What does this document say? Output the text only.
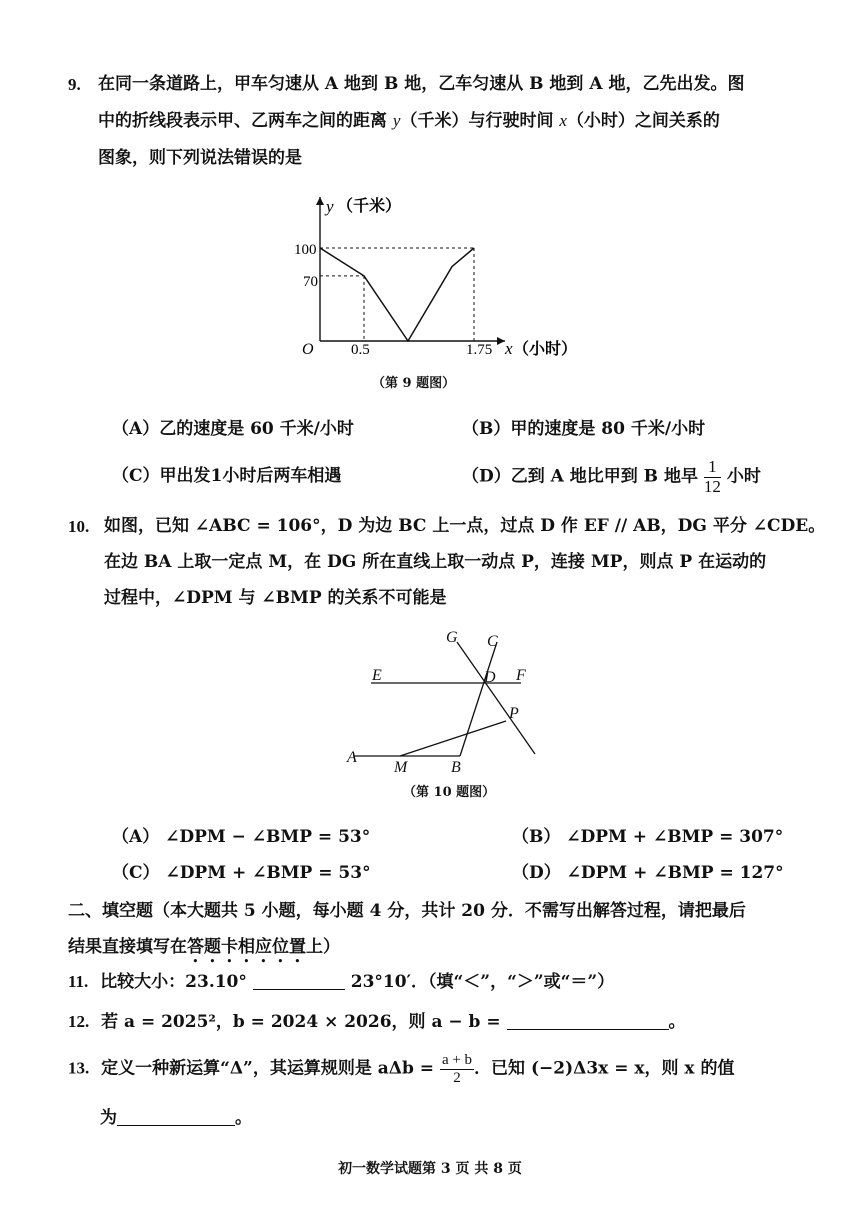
9. 在同一条道路上，甲车匀速从 A 地到 B 地，乙车匀速从 B 地到 A 地，乙先出发。图
中的折线段表示甲、乙两车之间的距离 y（千米）与行驶时间 x（小时）之间关系的
图象，则下列说法错误的是
y （千米）
x （小时）
O
100
70
0.5	1.75
（第 9 题图）
（A）乙的速度是 60 千米/小时	（B）甲的速度是 80 千米/小时
（C）甲出发1小时后两车相遇	（D）乙到 A 地比甲到 B 地早 $\frac{1}{12}$ 小时
10. 如图，已知 ∠ABC = 106°，D 为边 BC 上一点，过点 D 作 EF // AB，DG 平分 ∠CDE。
在边 BA 上取一定点 M，在 DG 所在直线上取一动点 P，连接 MP，则点 P 在运动的
过程中，∠DPM 与 ∠BMP 的关系不可能是
G C
E	D F
P
A
M	B
（第 10 题图）
（A） ∠DPM − ∠BMP = 53°	（B） ∠DPM + ∠BMP = 307°
（C） ∠DPM + ∠BMP = 53°	（D） ∠DPM + ∠BMP = 127°
二、填空题（本大题共 5 小题，每小题 4 分，共计 20 分．不需写出解答过程，请把最后
结果直接填写在答题卡相应位置上）
11. 比较大小：23.10°	23°10′．（填“＜”，“＞”或“＝”）
12. 若 a = 2025²，b = 2024 × 2026，则 a − b =	。
13. 定义一种新运算“Δ”，其运算规则是 $a\Delta b = \frac{a + b}{2}$ ．已知 (−2)Δ3x = x，则 x 的值
为	。
初一数学试题第 3 页 共 8 页
